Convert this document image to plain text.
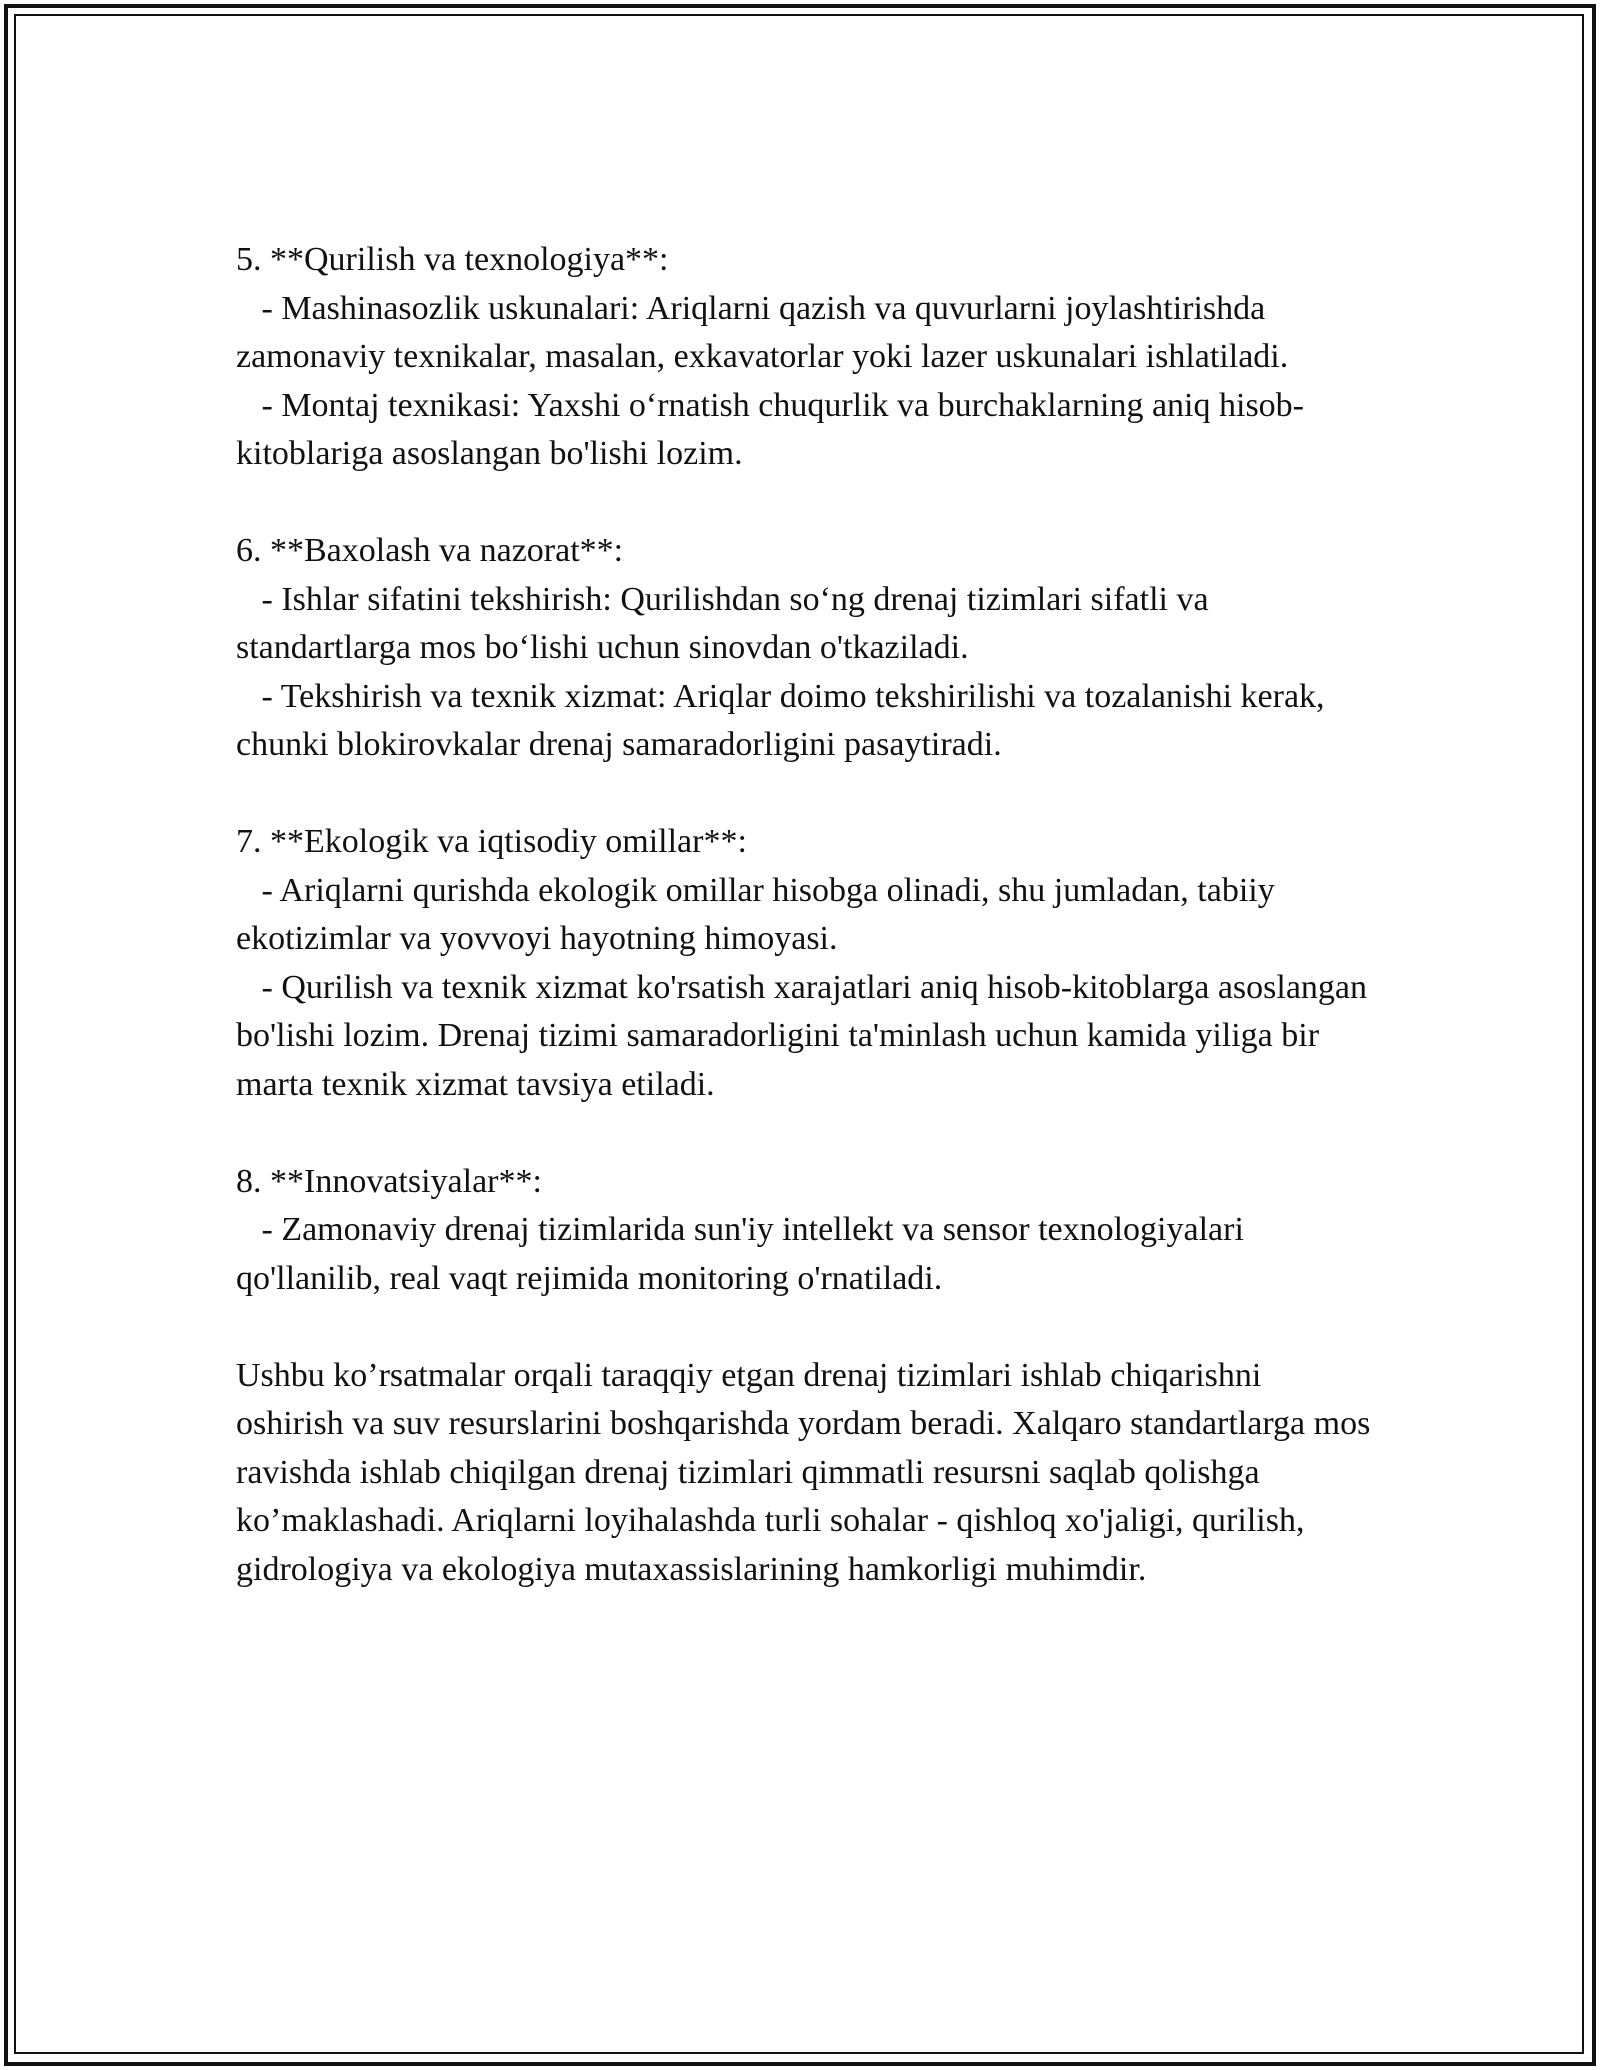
5. **Qurilish va texnologiya**:
- Mashinasozlik uskunalari: Ariqlarni qazish va quvurlarni joylashtirishda zamonaviy texnikalar, masalan, exkavatorlar yoki lazer uskunalari ishlatiladi.
- Montaj texnikasi: Yaxshi o‘rnatish chuqurlik va burchaklarning aniq hisob-kitoblariga asoslangan bo'lishi lozim.
6. **Baxolash va nazorat**:
- Ishlar sifatini tekshirish: Qurilishdan so‘ng drenaj tizimlari sifatli va standartlarga mos bo‘lishi uchun sinovdan o'tkaziladi.
- Tekshirish va texnik xizmat: Ariqlar doimo tekshirilishi va tozalanishi kerak, chunki blokirovkalar drenaj samaradorligini pasaytiradi.
7. **Ekologik va iqtisodiy omillar**:
- Ariqlarni qurishda ekologik omillar hisobga olinadi, shu jumladan, tabiiy ekotizimlar va yovvoyi hayotning himoyasi.
- Qurilish va texnik xizmat ko'rsatish xarajatlari aniq hisob-kitoblarga asoslangan bo'lishi lozim. Drenaj tizimi samaradorligini ta'minlash uchun kamida yiliga bir marta texnik xizmat tavsiya etiladi.
8. **Innovatsiyalar**:
- Zamonaviy drenaj tizimlarida sun'iy intellekt va sensor texnologiyalari qo'llanilib, real vaqt rejimida monitoring o'rnatiladi.

Ushbu ko’rsatmalar orqali taraqqiy etgan drenaj tizimlari ishlab chiqarishni oshirish va suv resurslarini boshqarishda yordam beradi. Xalqaro standartlarga mos ravishda ishlab chiqilgan drenaj tizimlari qimmatli resursni saqlab qolishga ko’maklashadi. Ariqlarni loyihalashda turli sohalar - qishloq xo'jaligi, qurilish, gidrologiya va ekologiya mutaxassislarining hamkorligi muhimdir.
